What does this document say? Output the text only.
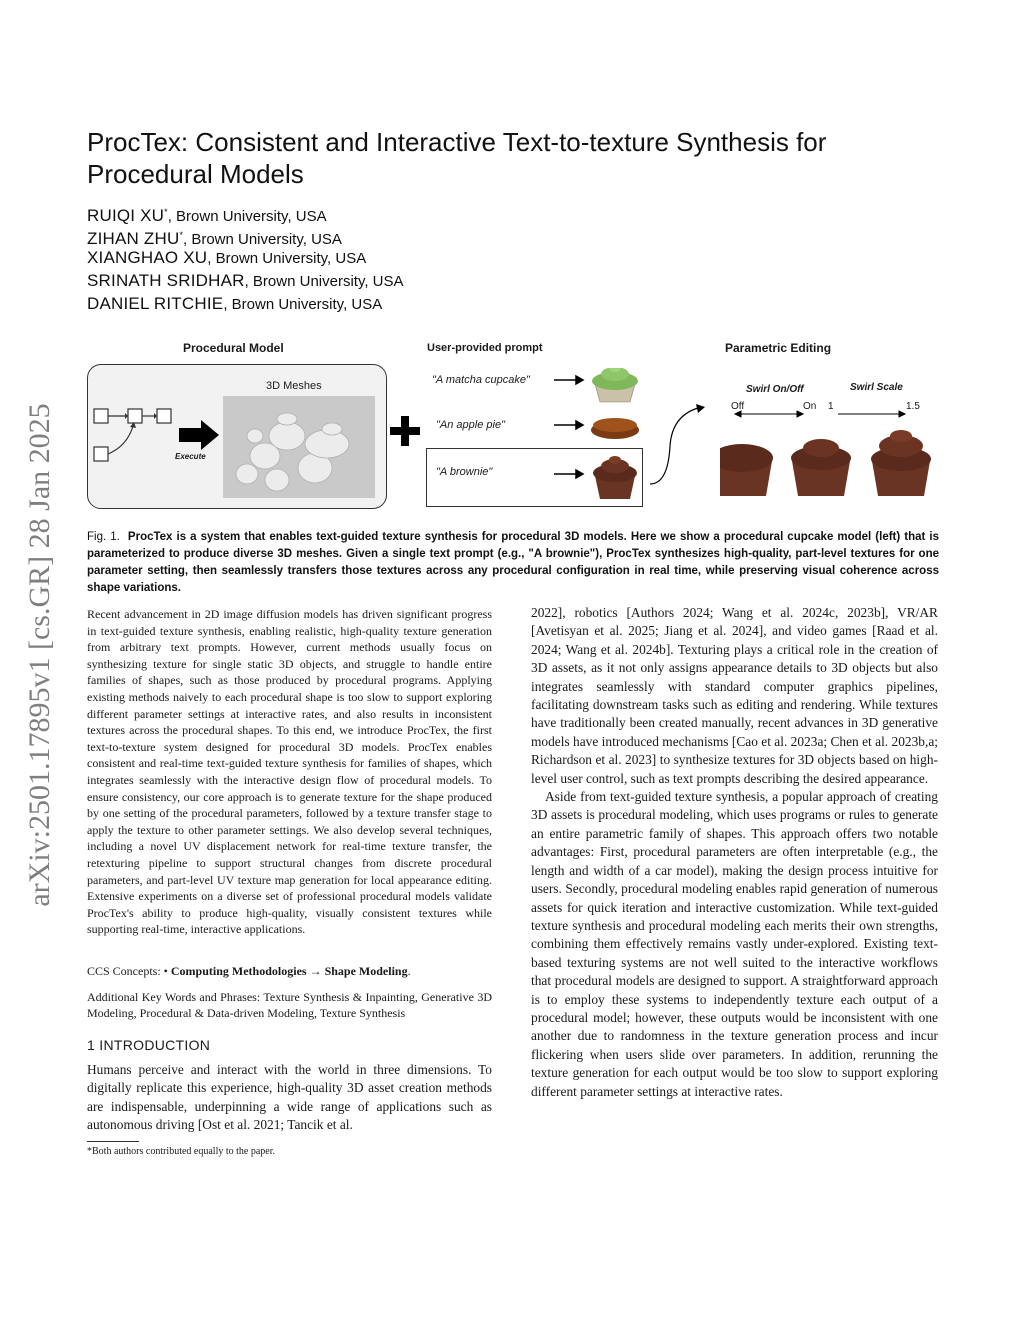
arXiv:2501.17895v1 [cs.GR] 28 Jan 2025
ProcTex: Consistent and Interactive Text-to-texture Synthesis for Procedural Models
RUIQI XU*, Brown University, USA
ZIHAN ZHU*, Brown University, USA
XIANGHAO XU, Brown University, USA
SRINATH SRIDHAR, Brown University, USA
DANIEL RITCHIE, Brown University, USA
Procedural Model	User-provided prompt	Parametric Editing
3D Meshes
Execute
"A matcha cupcake"
"An apple pie"
"A brownie"
Swirl On/Off	Swirl Scale
Off	On 1	1.5
Fig. 1. ProcTex is a system that enables text-guided texture synthesis for procedural 3D models. Here we show a procedural cupcake model (left) that is parameterized to produce diverse 3D meshes. Given a single text prompt (e.g., "A brownie"), ProcTex synthesizes high-quality, part-level textures for one parameter setting, then seamlessly transfers those textures across any procedural configuration in real time, while preserving visual coherence across shape variations.
Recent advancement in 2D image diffusion models has driven significant progress in text-guided texture synthesis, enabling realistic, high-quality texture generation from arbitrary text prompts. However, current methods usually focus on synthesizing texture for single static 3D objects, and struggle to handle entire families of shapes, such as those produced by procedural programs. Applying existing methods naively to each procedural shape is too slow to support exploring different parameter settings at interactive rates, and also results in inconsistent textures across the procedural shapes. To this end, we introduce ProcTex, the first text-to-texture system designed for procedural 3D models. ProcTex enables consistent and real-time text-guided texture synthesis for families of shapes, which integrates seamlessly with the interactive design flow of procedural models. To ensure consistency, our core approach is to generate texture for the shape produced by one setting of the procedural parameters, followed by a texture transfer stage to apply the texture to other parameter settings. We also develop several techniques, including a novel UV displacement network for real-time texture transfer, the retexturing pipeline to support structural changes from discrete procedural parameters, and part-level UV texture map generation for local appearance editing. Extensive experiments on a diverse set of professional procedural models validate ProcTex's ability to produce high-quality, visually consistent textures while supporting real-time, interactive applications.
CCS Concepts: • Computing Methodologies → Shape Modeling.
Additional Key Words and Phrases: Texture Synthesis & Inpainting, Generative 3D Modeling, Procedural & Data-driven Modeling, Texture Synthesis
1 INTRODUCTION
Humans perceive and interact with the world in three dimensions. To digitally replicate this experience, high-quality 3D asset creation methods are indispensable, underpinning a wide range of applications such as autonomous driving [Ost et al. 2021; Tancik et al.
*Both authors contributed equally to the paper.

2022], robotics [Authors 2024; Wang et al. 2024c, 2023b], VR/AR [Avetisyan et al. 2025; Jiang et al. 2024], and video games [Raad et al. 2024; Wang et al. 2024b]. Texturing plays a critical role in the creation of 3D assets, as it not only assigns appearance details to 3D objects but also integrates seamlessly with standard computer graphics pipelines, facilitating downstream tasks such as editing and rendering. While textures have traditionally been created manually, recent advances in 3D generative models have introduced mechanisms [Cao et al. 2023a; Chen et al. 2023b,a; Richardson et al. 2023] to synthesize textures for 3D objects based on high-level user control, such as text prompts describing the desired appearance.

Aside from text-guided texture synthesis, a popular approach of creating 3D assets is procedural modeling, which uses programs or rules to generate an entire parametric family of shapes. This approach offers two notable advantages: First, procedural parameters are often interpretable (e.g., the length and width of a car model), making the design process intuitive for users. Secondly, procedural modeling enables rapid generation of numerous assets for quick iteration and interactive customization. While text-guided texture synthesis and procedural modeling each merits their own strengths, combining them effectively remains vastly under-explored. Existing text-based texturing systems are not well suited to the interactive workflows that procedural models are designed to support. A straightforward approach is to employ these systems to independently texture each output of a procedural model; however, these outputs would be inconsistent with one another due to randomness in the texture generation process and incur flickering when users slide over parameters. In addition, rerunning the texture generation for each output would be too slow to support exploring different parameter settings at interactive rates.
